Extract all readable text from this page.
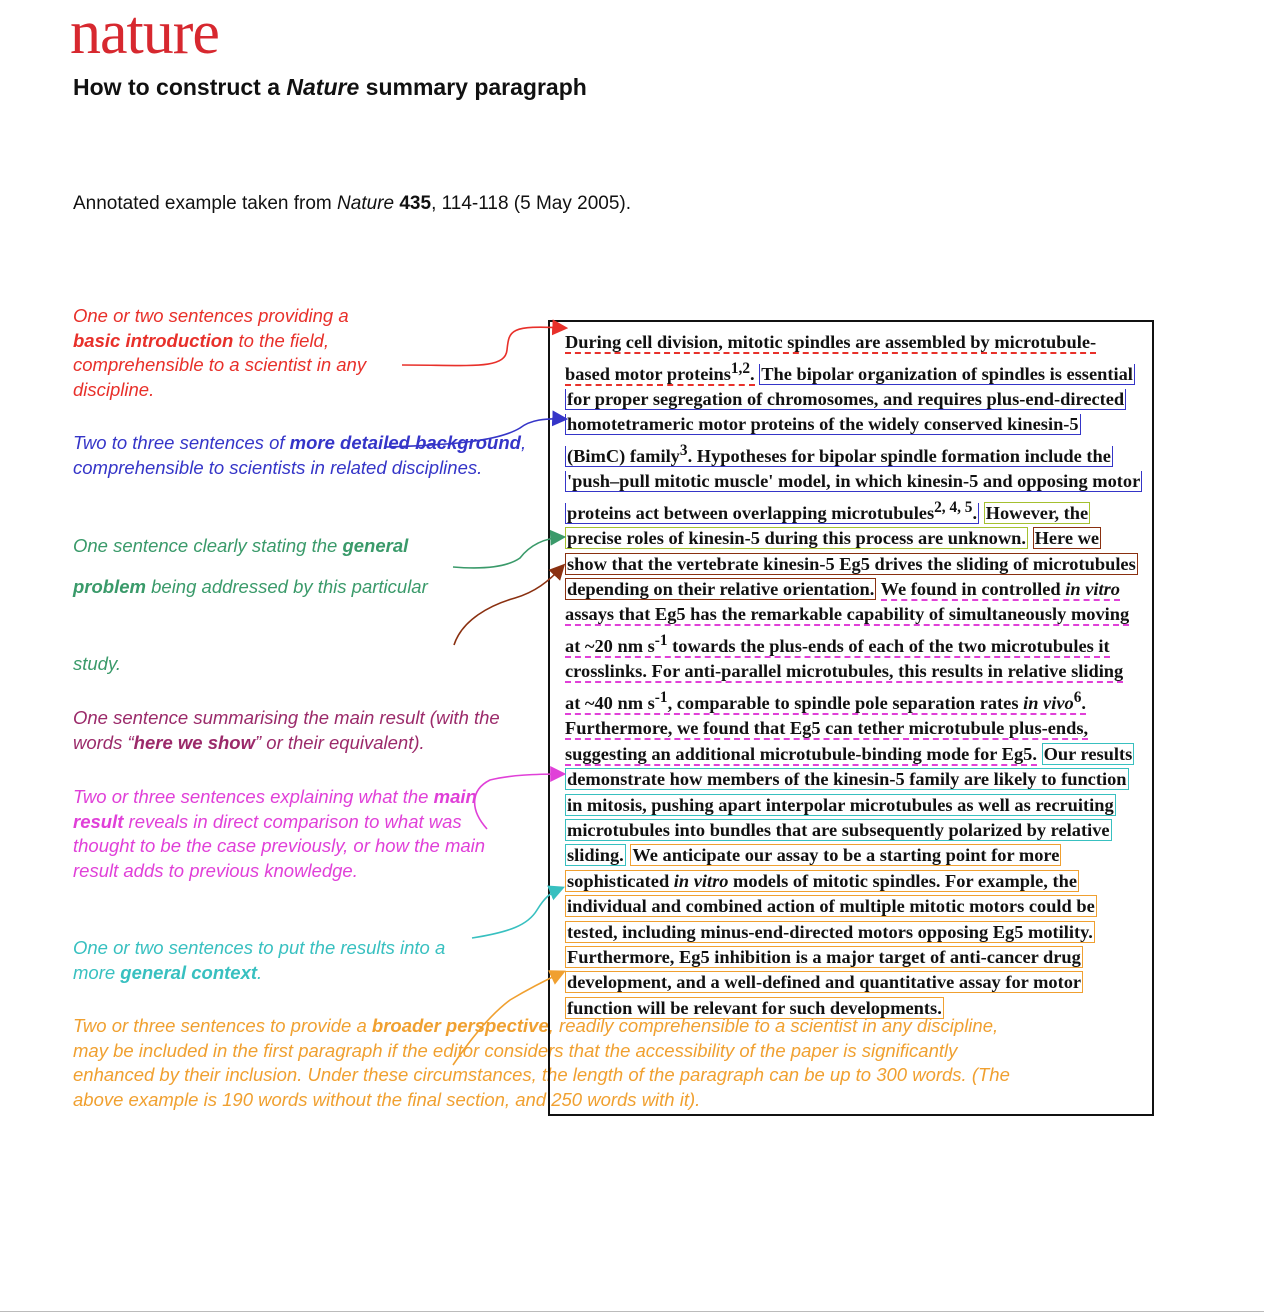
nature
How to construct a Nature summary paragraph

Annotated example taken from Nature 435, 114-118 (5 May 2005).

One or two sentences providing a basic introduction to the field, comprehensible to a scientist in any discipline.

Two to three sentences of more detailed background, comprehensible to scientists in related disciplines.

One sentence clearly stating the general

problem being addressed by this particular

study.

One sentence summarising the main result (with the words “here we show” or their equivalent).

Two or three sentences explaining what the main result reveals in direct comparison to what was thought to be the case previously, or how the main result adds to previous knowledge.

One or two sentences to put the results into a more general context.

Two or three sentences to provide a broader perspective, readily comprehensible to a scientist in any discipline, may be included in the first paragraph if the editor considers that the accessibility of the paper is significantly enhanced by their inclusion. Under these circumstances, the length of the paragraph can be up to 300 words. (The above example is 190 words without the final section, and 250 words with it).

During cell division, mitotic spindles are assembled by microtubule-based motor proteins$^{1,2}$. The bipolar organization of spindles is essential for proper segregation of chromosomes, and requires plus-end-directed homotetrameric motor proteins of the widely conserved kinesin-5 (BimC) family$^3$. Hypotheses for bipolar spindle formation include the 'push–pull mitotic muscle' model, in which kinesin-5 and opposing motor proteins act between overlapping microtubules$^{2, 4, 5}$. However, the precise roles of kinesin-5 during this process are unknown. Here we show that the vertebrate kinesin-5 Eg5 drives the sliding of microtubules depending on their relative orientation. We found in controlled in vitro assays that Eg5 has the remarkable capability of simultaneously moving at ~20 nm $s^{-1}$ towards the plus-ends of each of the two microtubules it crosslinks. For anti-parallel microtubules, this results in relative sliding at ~40 nm $s^{-1}$, comparable to spindle pole separation rates in vivo$^6$. Furthermore, we found that Eg5 can tether microtubule plus-ends, suggesting an additional microtubule-binding mode for Eg5. Our results demonstrate how members of the kinesin-5 family are likely to function in mitosis, pushing apart interpolar microtubules as well as recruiting microtubules into bundles that are subsequently polarized by relative sliding. We anticipate our assay to be a starting point for more sophisticated in vitro models of mitotic spindles. For example, the individual and combined action of multiple mitotic motors could be tested, including minus-end-directed motors opposing Eg5 motility. Furthermore, Eg5 inhibition is a major target of anti-cancer drug development, and a well-defined and quantitative assay for motor function will be relevant for such developments.
